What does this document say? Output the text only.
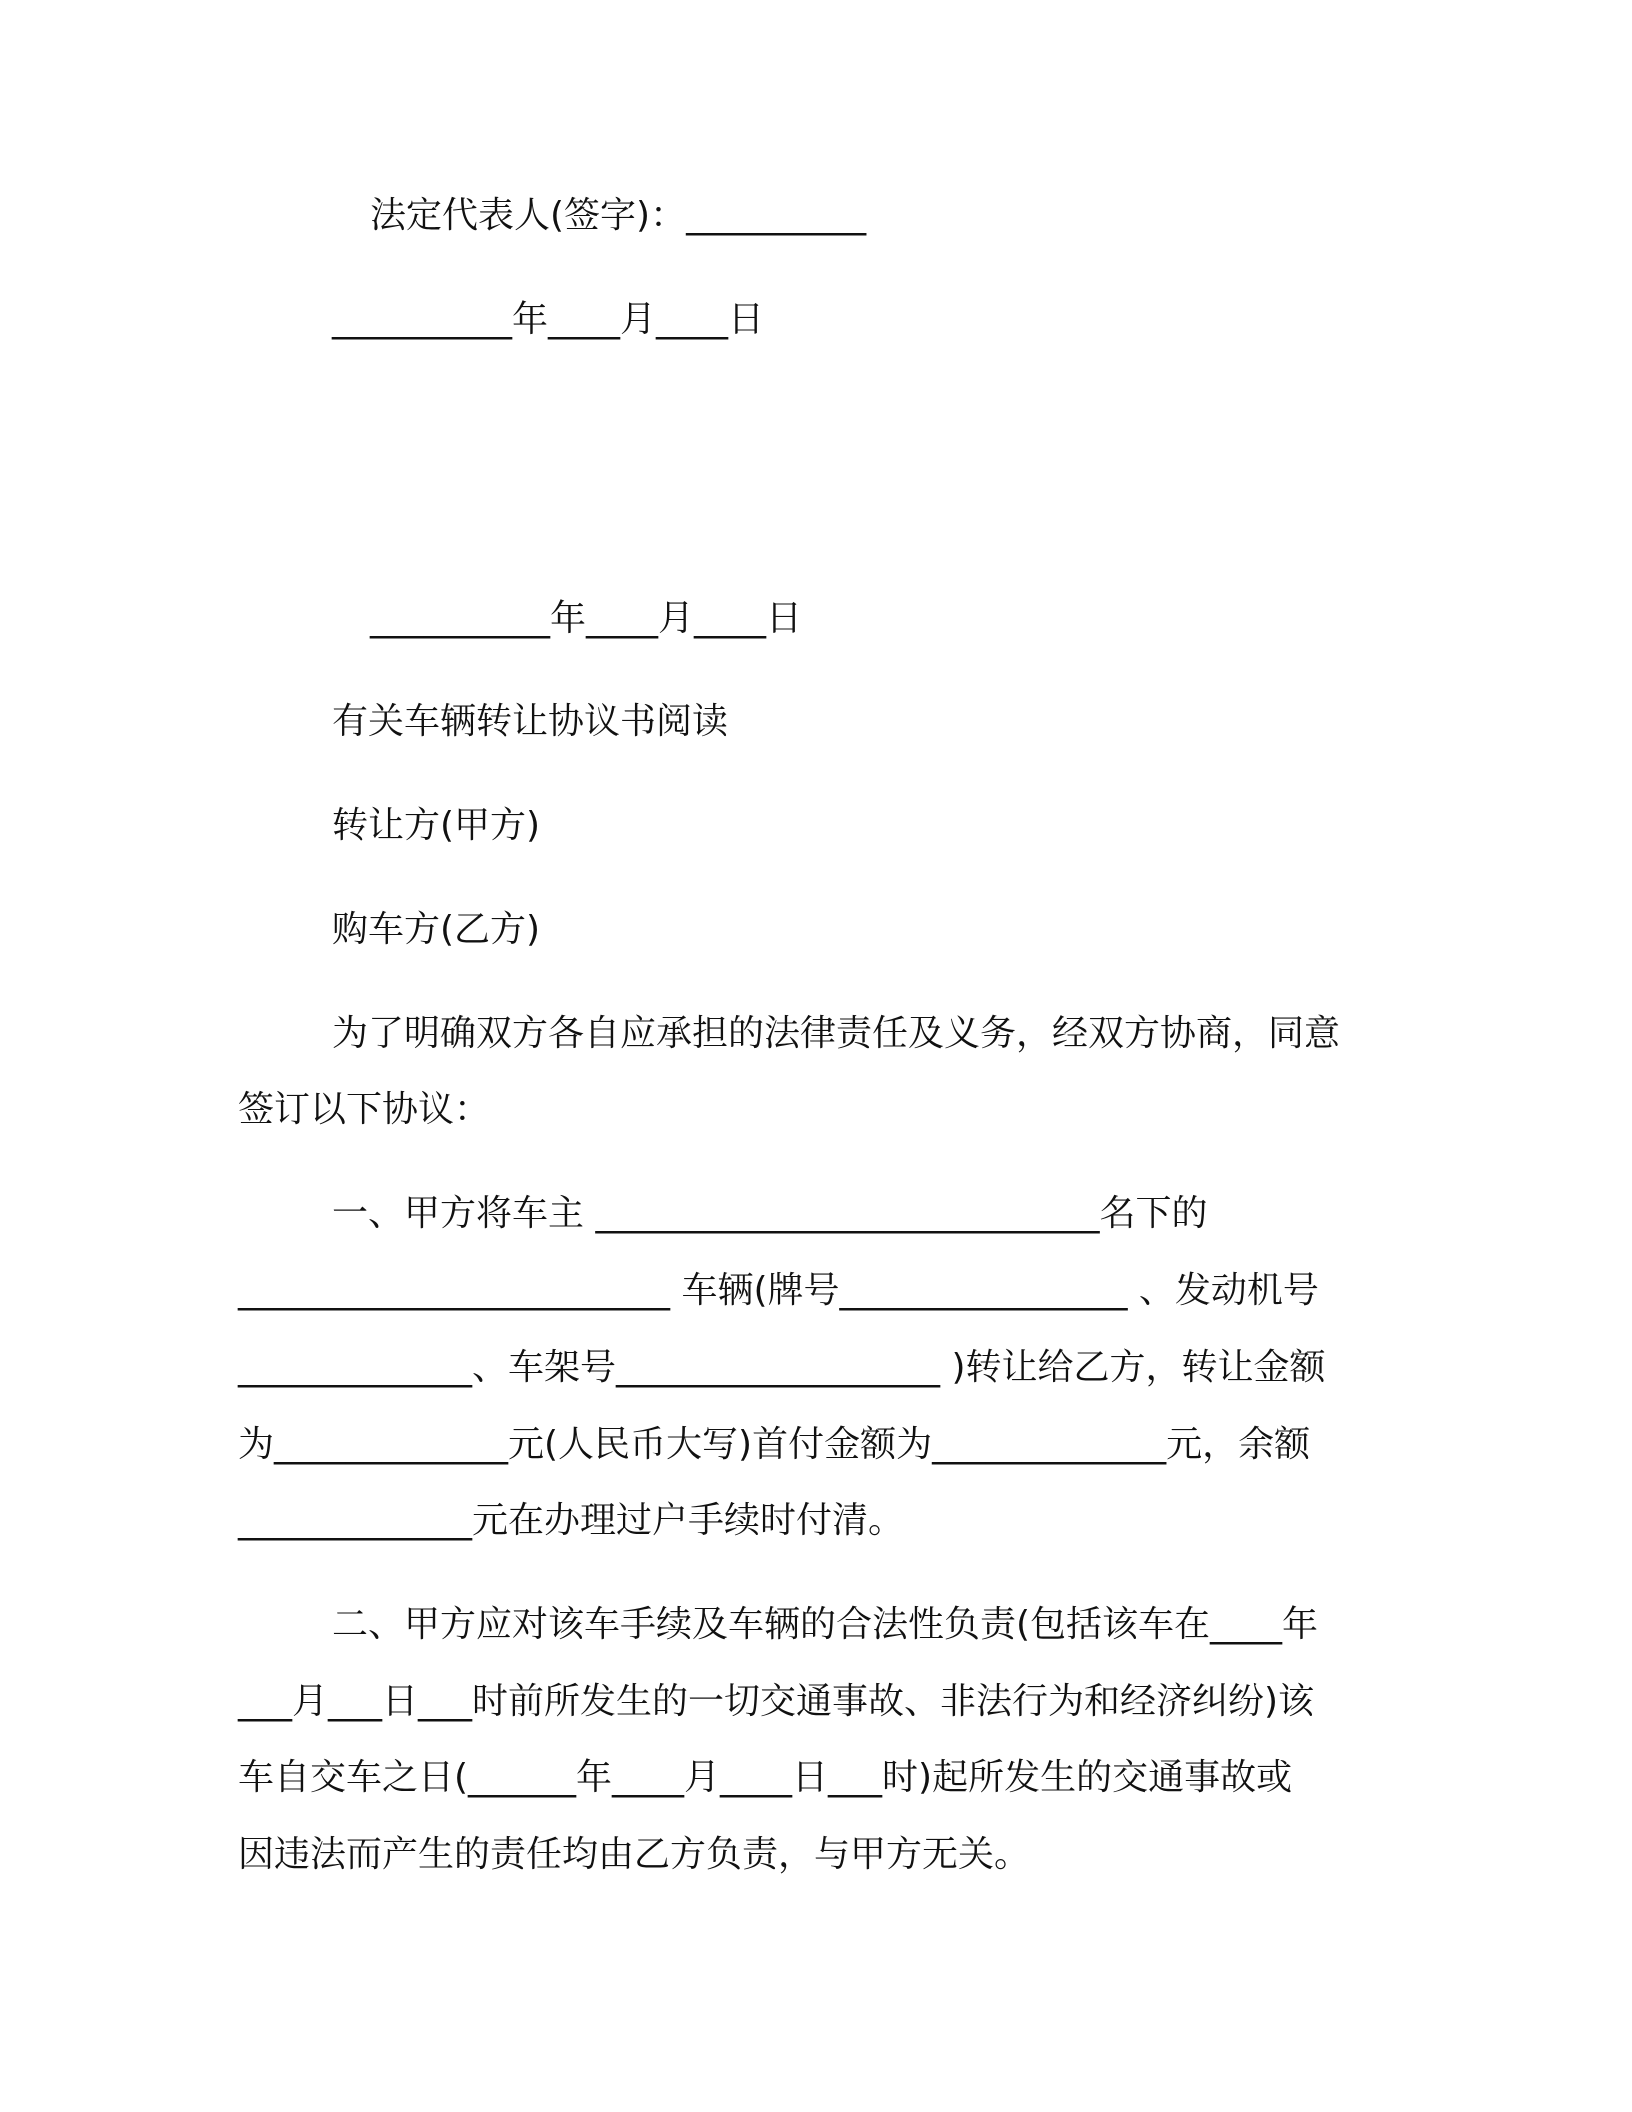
法定代表人(签字)：__________

__________年____月____日

__________年____月____日

有关车辆转让协议书阅读

转让方(甲方)

购车方(乙方)

为了明确双方各自应承担的法律责任及义务，经双方协商，同意

签订以下协议：

一、甲方将车主 ____________________________名下的

________________________ 车辆(牌号________________ 、发动机号

_____________、车架号__________________ )转让给乙方，转让金额

为_____________元(人民币大写)首付金额为_____________元，余额

_____________元在办理过户手续时付清。

二、甲方应对该车手续及车辆的合法性负责(包括该车在____年

___月___日___时前所发生的一切交通事故、非法行为和经济纠纷)该

车自交车之日(______年____月____日___时)起所发生的交通事故或

因违法而产生的责任均由乙方负责，与甲方无关。
